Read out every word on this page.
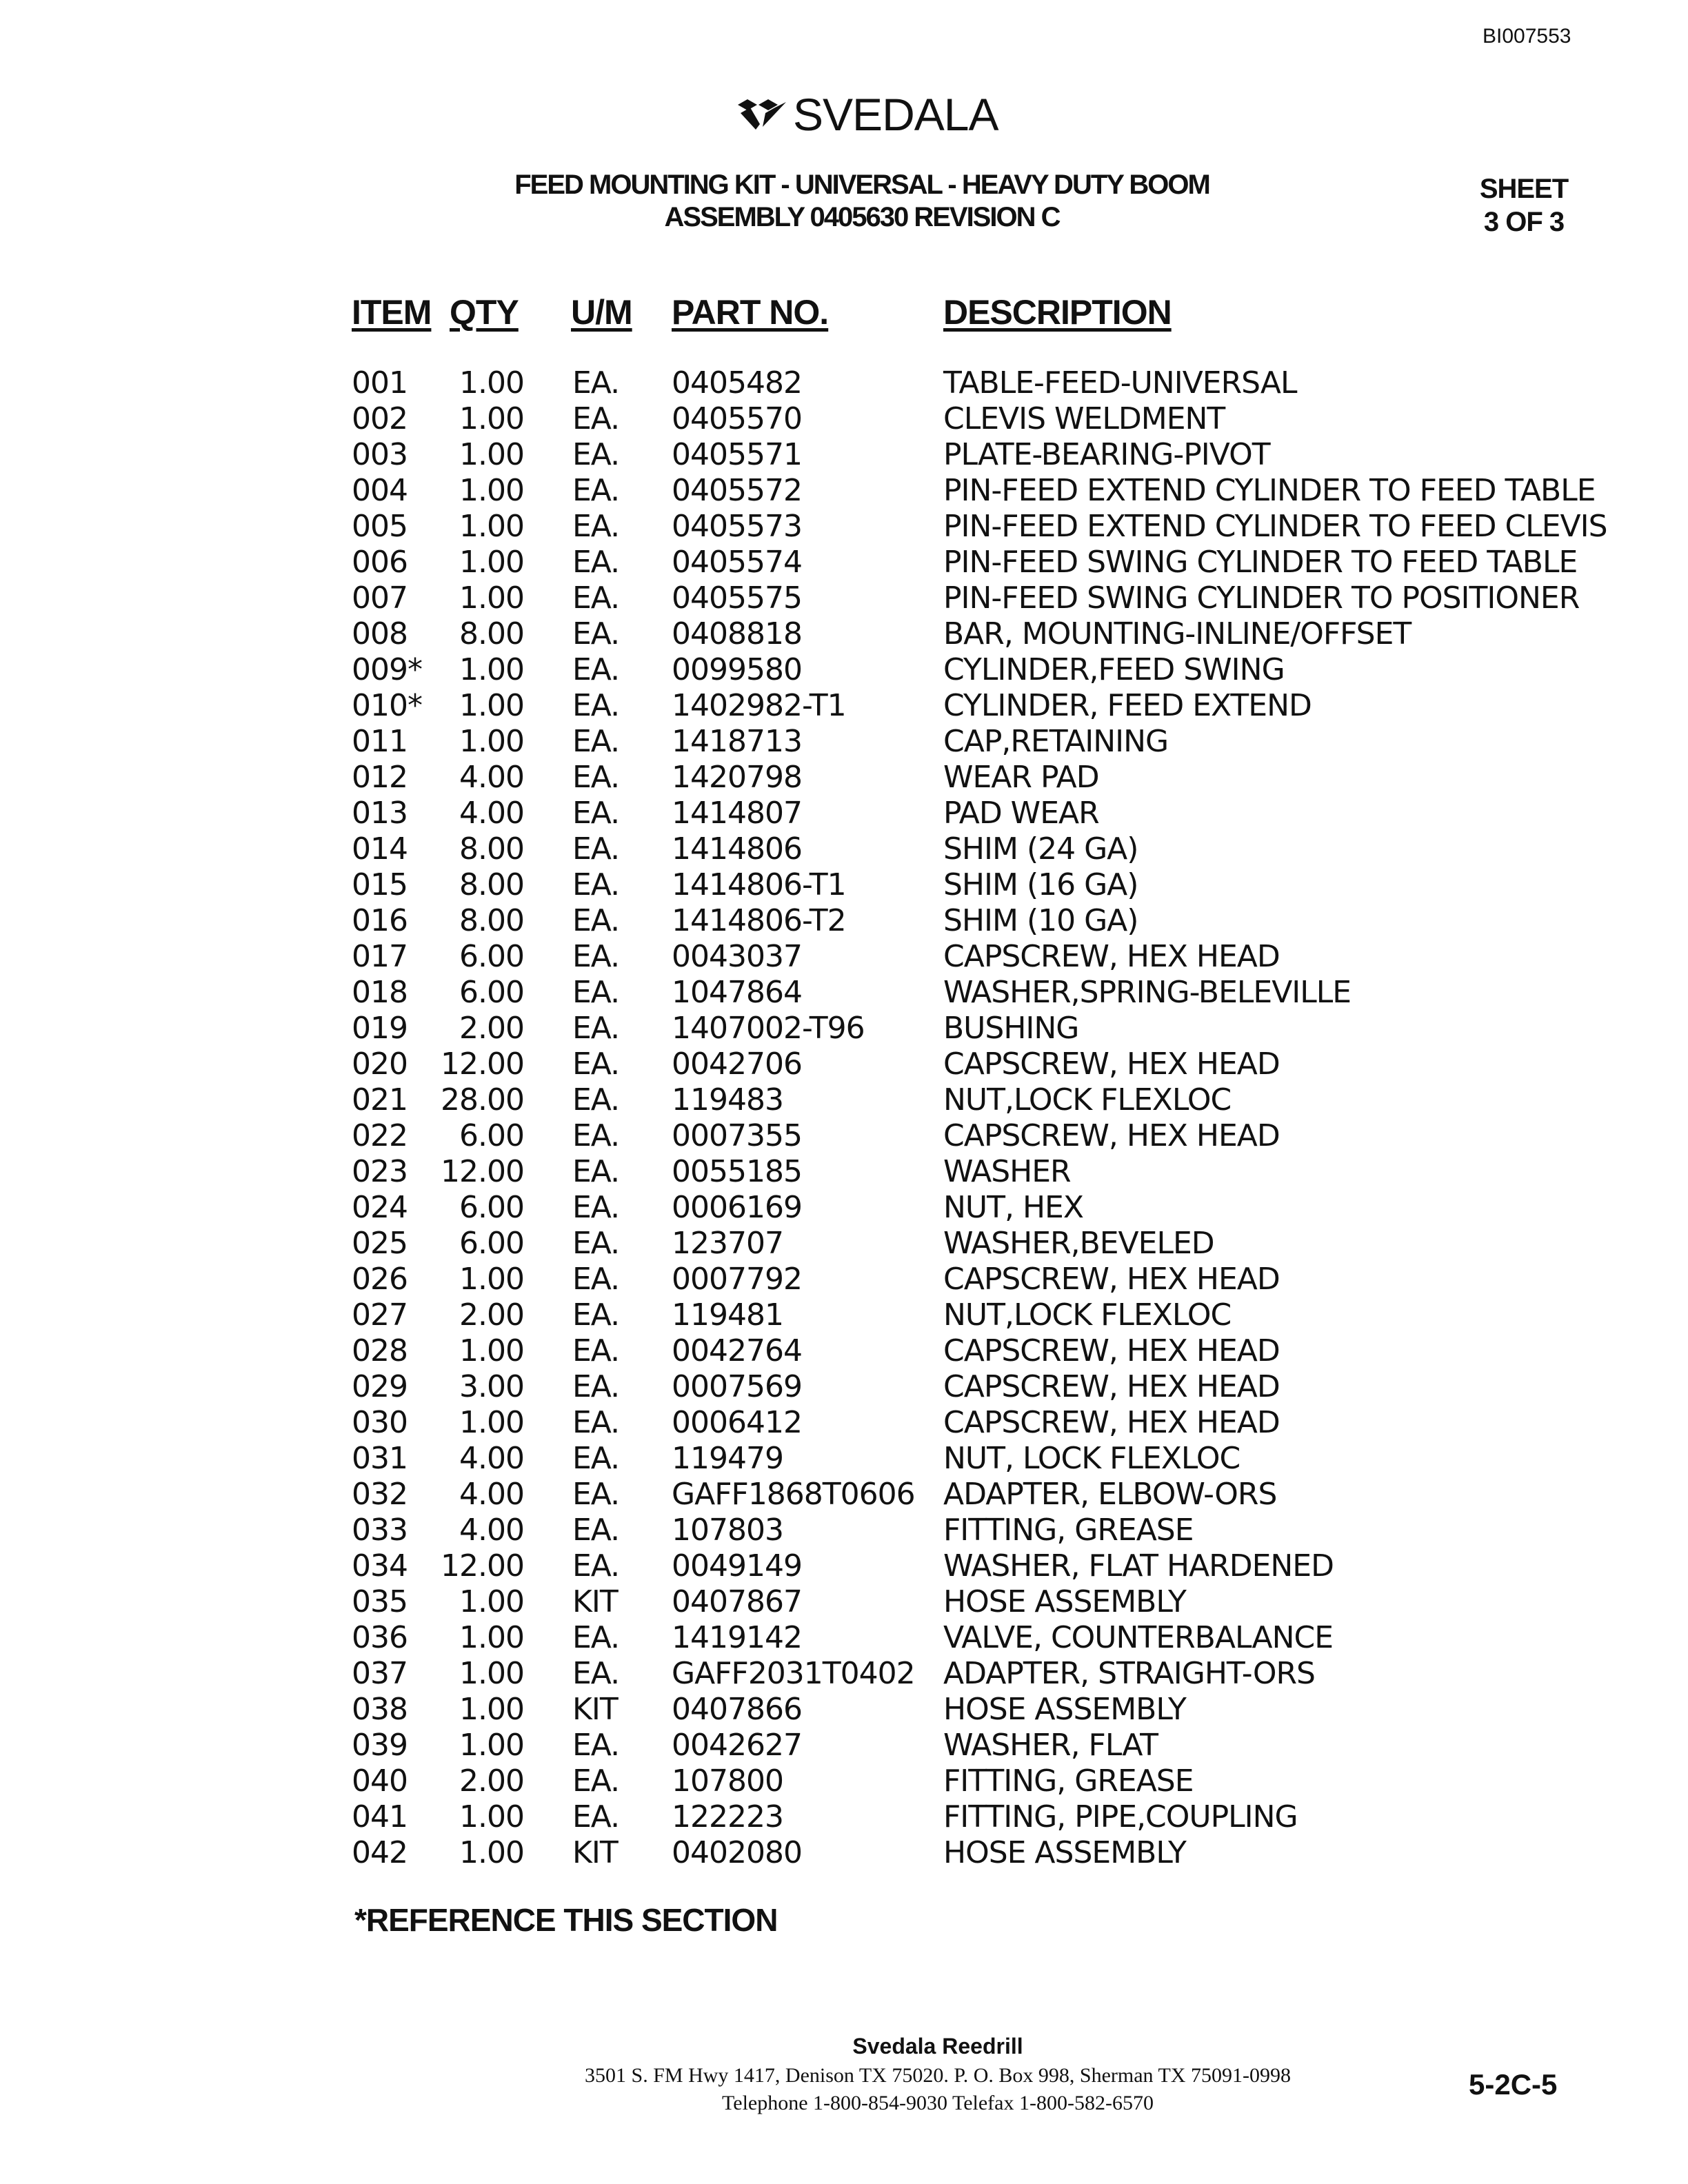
BI007553
SVEDALA
FEED MOUNTING KIT - UNIVERSAL - HEAVY DUTY BOOM
ASSEMBLY 0405630 REVISION C
SHEET
3 OF 3
ITEM QTY U/M PART NO.	DESCRIPTION
001	1.00 EA. 0405482	TABLE-FEED-UNIVERSAL
002	1.00 EA. 0405570	CLEVIS WELDMENT
003	1.00 EA. 0405571	PLATE-BEARING-PIVOT
004	1.00 EA. 0405572	PIN-FEED EXTEND CYLINDER TO FEED TABLE
005	1.00 EA. 0405573	PIN-FEED EXTEND CYLINDER TO FEED CLEVIS
006	1.00 EA. 0405574	PIN-FEED SWING CYLINDER TO FEED TABLE
007	1.00 EA. 0405575	PIN-FEED SWING CYLINDER TO POSITIONER
008	8.00 EA. 0408818	BAR, MOUNTING-INLINE/OFFSET
009*	1.00 EA. 0099580	CYLINDER,FEED SWING
010*	1.00 EA. 1402982-T1	CYLINDER, FEED EXTEND
011	1.00 EA. 1418713	CAP,RETAINING
012	4.00 EA. 1420798	WEAR PAD
013	4.00 EA. 1414807	PAD WEAR
014	8.00 EA. 1414806	SHIM (24 GA)
015	8.00 EA. 1414806-T1	SHIM (16 GA)
016	8.00 EA. 1414806-T2	SHIM (10 GA)
017	6.00 EA. 0043037	CAPSCREW, HEX HEAD
018	6.00 EA. 1047864	WASHER,SPRING-BELEVILLE
019	2.00 EA. 1407002-T96	BUSHING
020	12.00 EA. 0042706	CAPSCREW, HEX HEAD
021	28.00 EA. 119483	NUT,LOCK FLEXLOC
022	6.00 EA. 0007355	CAPSCREW, HEX HEAD
023	12.00 EA. 0055185	WASHER
024	6.00 EA. 0006169	NUT, HEX
025	6.00 EA. 123707	WASHER,BEVELED
026	1.00 EA. 0007792	CAPSCREW, HEX HEAD
027	2.00 EA. 119481	NUT,LOCK FLEXLOC
028	1.00 EA. 0042764	CAPSCREW, HEX HEAD
029	3.00 EA. 0007569	CAPSCREW, HEX HEAD
030	1.00 EA. 0006412	CAPSCREW, HEX HEAD
031	4.00 EA. 119479	NUT, LOCK FLEXLOC
032	4.00 EA. GAFF1868T0606 ADAPTER, ELBOW-ORS
033	4.00 EA. 107803	FITTING, GREASE
034	12.00 EA. 0049149	WASHER, FLAT HARDENED
035	1.00 KIT 0407867	HOSE ASSEMBLY
036	1.00 EA. 1419142	VALVE, COUNTERBALANCE
037	1.00 EA. GAFF2031T0402 ADAPTER, STRAIGHT-ORS
038	1.00 KIT 0407866	HOSE ASSEMBLY
039	1.00 EA. 0042627	WASHER, FLAT
040	2.00 EA. 107800	FITTING, GREASE
041	1.00 EA. 122223	FITTING, PIPE,COUPLING
042	1.00 KIT 0402080	HOSE ASSEMBLY
*REFERENCE THIS SECTION
Svedala Reedrill
3501 S. FM Hwy 1417, Denison TX 75020. P. O. Box 998, Sherman TX 75091-0998
Telephone 1-800-854-9030 Telefax 1-800-582-6570
5-2C-5
